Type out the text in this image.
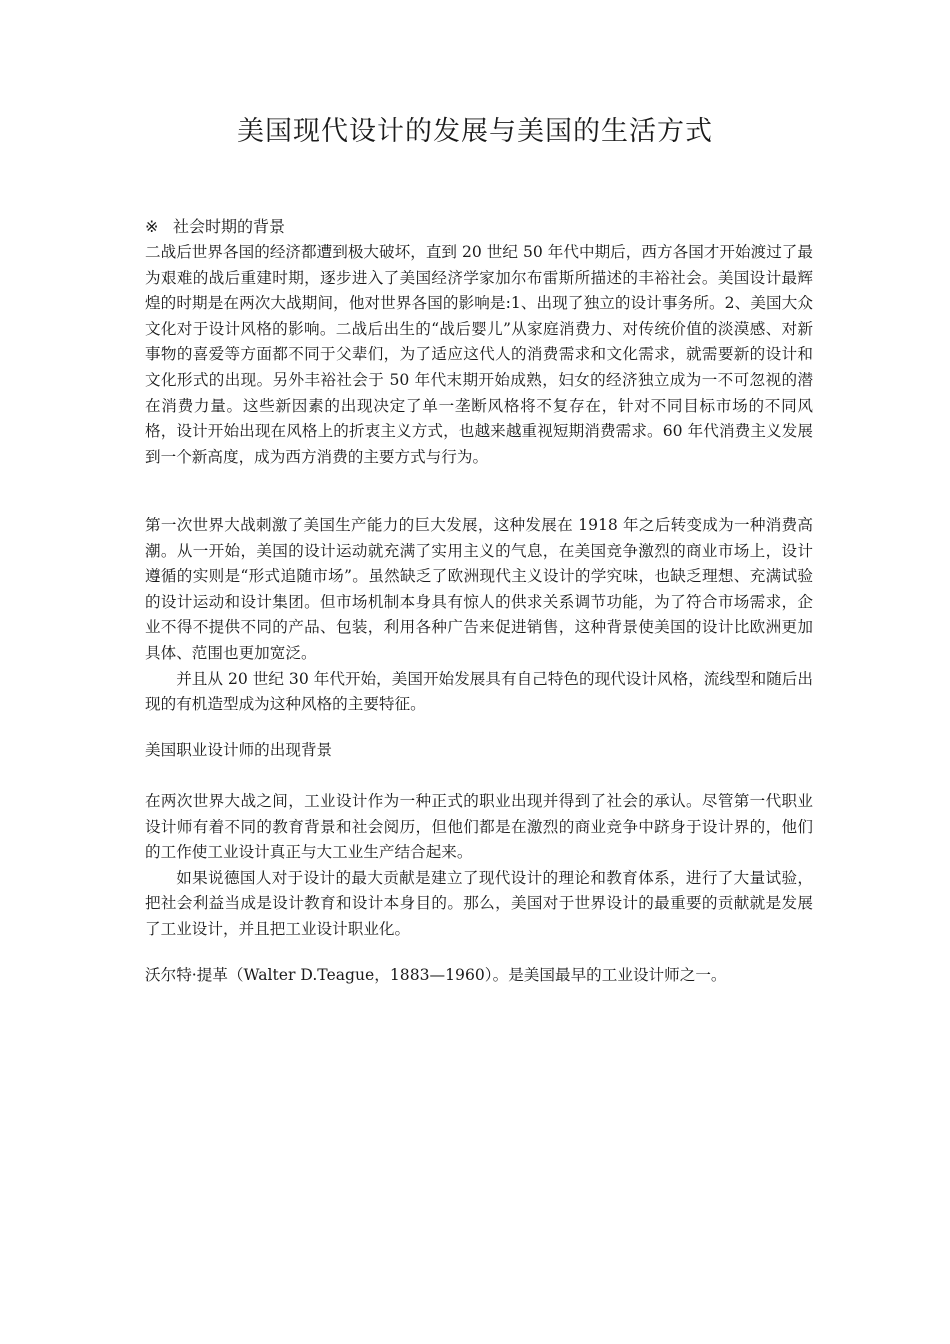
美国现代设计的发展与美国的生活方式
※ 社会时期的背景

二战后世界各国的经济都遭到极大破坏，直到 20 世纪 50 年代中期后，西方各国才开始渡过了最为艰难的战后重建时期，逐步进入了美国经济学家加尔布雷斯所描述的丰裕社会。美国设计最辉煌的时期是在两次大战期间，他对世界各国的影响是:1、出现了独立的设计事务所。2、美国大众文化对于设计风格的影响。二战后出生的“战后婴儿”从家庭消费力、对传统价值的淡漠感、对新事物的喜爱等方面都不同于父辈们，为了适应这代人的消费需求和文化需求，就需要新的设计和文化形式的出现。另外丰裕社会于 50 年代末期开始成熟，妇女的经济独立成为一不可忽视的潜在消费力量。这些新因素的出现决定了单一垄断风格将不复存在，针对不同目标市场的不同风格，设计开始出现在风格上的折衷主义方式，也越来越重视短期消费需求。60 年代消费主义发展到一个新高度，成为西方消费的主要方式与行为。

第一次世界大战刺激了美国生产能力的巨大发展，这种发展在 1918 年之后转变成为一种消费高潮。从一开始，美国的设计运动就充满了实用主义的气息，在美国竞争激烈的商业市场上，设计遵循的实则是“形式追随市场”。虽然缺乏了欧洲现代主义设计的学究味，也缺乏理想、充满试验的设计运动和设计集团。但市场机制本身具有惊人的供求关系调节功能，为了符合市场需求，企业不得不提供不同的产品、包装，利用各种广告来促进销售，这种背景使美国的设计比欧洲更加具体、范围也更加宽泛。

并且从 20 世纪 30 年代开始，美国开始发展具有自己特色的现代设计风格，流线型和随后出现的有机造型成为这种风格的主要特征。

美国职业设计师的出现背景

在两次世界大战之间，工业设计作为一种正式的职业出现并得到了社会的承认。尽管第一代职业设计师有着不同的教育背景和社会阅历，但他们都是在激烈的商业竞争中跻身于设计界的，他们的工作使工业设计真正与大工业生产结合起来。

如果说德国人对于设计的最大贡献是建立了现代设计的理论和教育体系，进行了大量试验，把社会利益当成是设计教育和设计本身目的。那么，美国对于世界设计的最重要的贡献就是发展了工业设计，并且把工业设计职业化。

沃尔特·提革（Walter D.Teague，1883—1960）。是美国最早的工业设计师之一。
